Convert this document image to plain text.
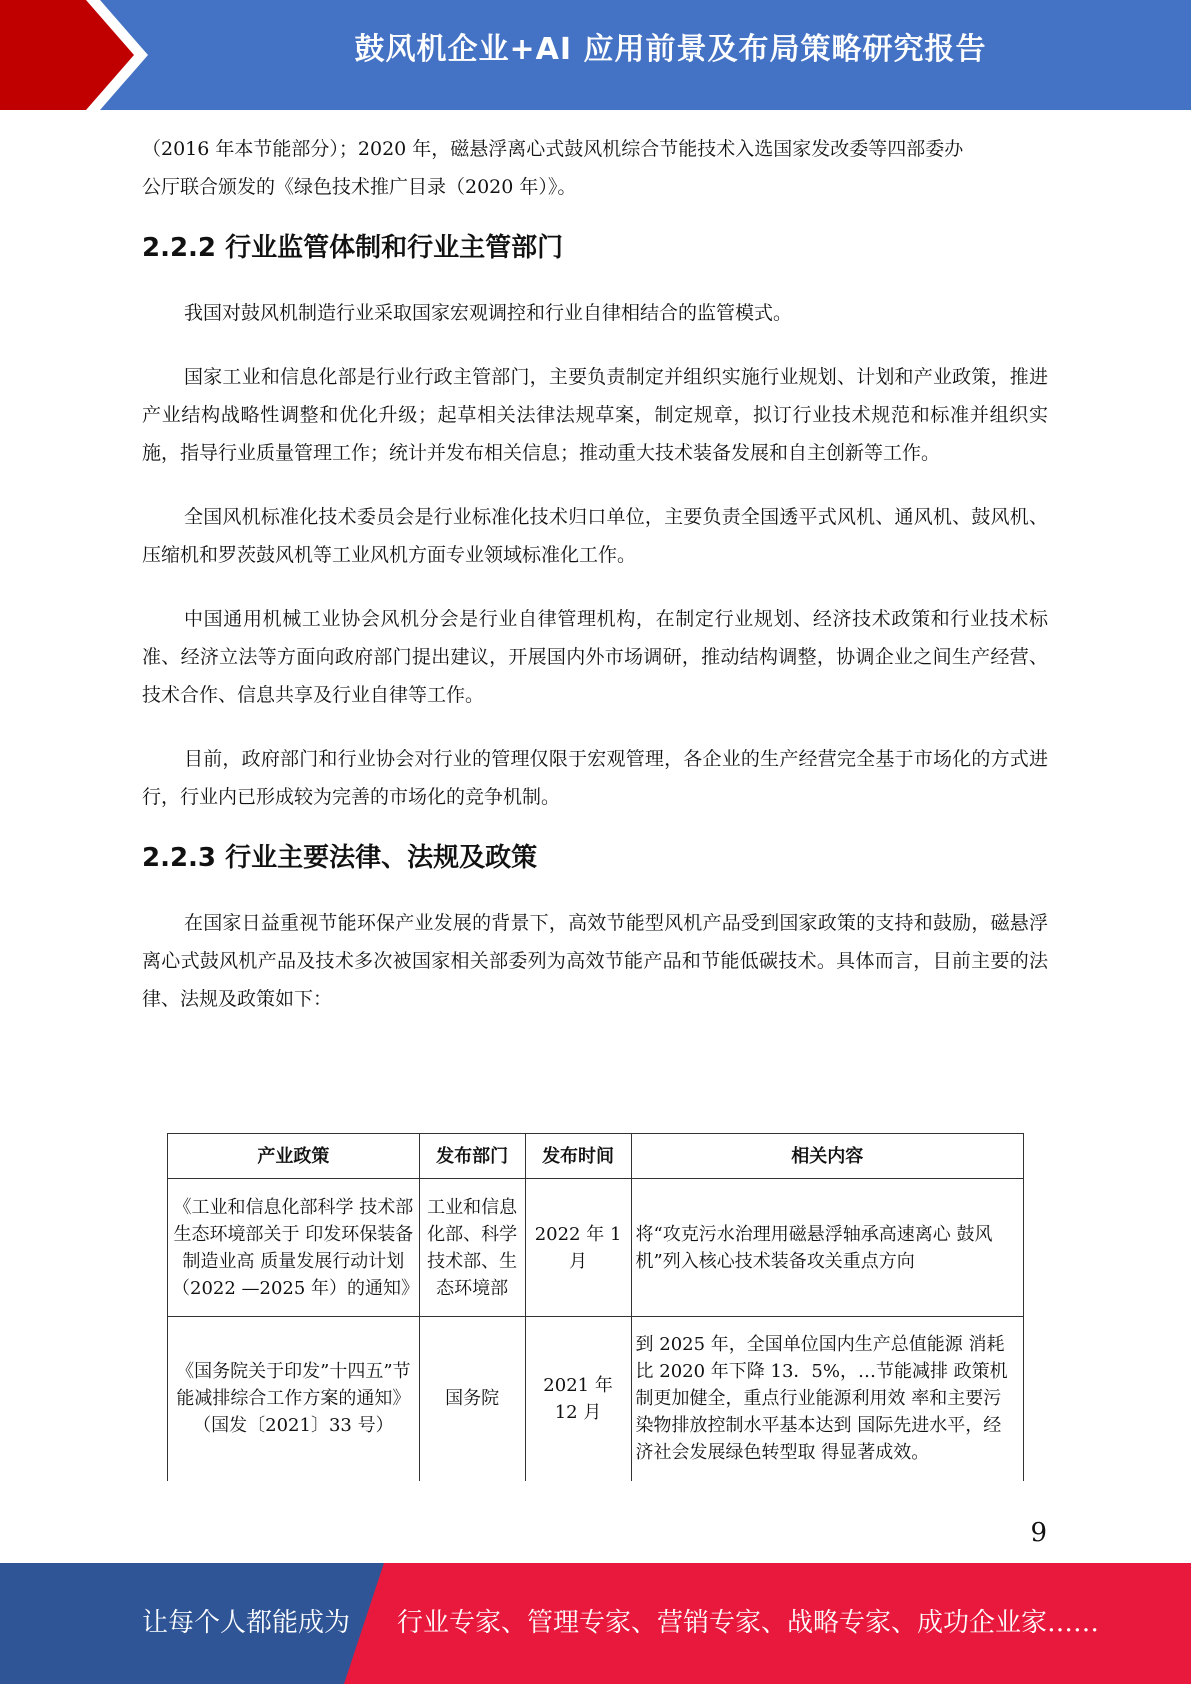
鼓风机企业+AI 应用前景及布局策略研究报告

（2016 年本节能部分）；2020 年，磁悬浮离心式鼓风机综合节能技术入选国家发改委等四部委办

公厅联合颁发的《绿色技术推广目录（2020 年）》。

2.2.2 行业监管体制和行业主管部门

我国对鼓风机制造行业采取国家宏观调控和行业自律相结合的监管模式。

国家工业和信息化部是行业行政主管部门，主要负责制定并组织实施行业规划、计划和产业政策，推进产业结构战略性调整和优化升级；起草相关法律法规草案，制定规章，拟订行业技术规范和标准并组织实施，指导行业质量管理工作；统计并发布相关信息；推动重大技术装备发展和自主创新等工作。

全国风机标准化技术委员会是行业标准化技术归口单位，主要负责全国透平式风机、通风机、鼓风机、压缩机和罗茨鼓风机等工业风机方面专业领域标准化工作。

中国通用机械工业协会风机分会是行业自律管理机构，在制定行业规划、经济技术政策和行业技术标准、经济立法等方面向政府部门提出建议，开展国内外市场调研，推动结构调整，协调企业之间生产经营、技术合作、信息共享及行业自律等工作。

目前，政府部门和行业协会对行业的管理仅限于宏观管理，各企业的生产经营完全基于市场化的方式进行，行业内已形成较为完善的市场化的竞争机制。

2.2.3 行业主要法律、法规及政策

在国家日益重视节能环保产业发展的背景下，高效节能型风机产品受到国家政策的支持和鼓励，磁悬浮离心式鼓风机产品及技术多次被国家相关部委列为高效节能产品和节能低碳技术。具体而言，目前主要的法律、法规及政策如下：

产业政策	发布部门	发布时间	相关内容
《工业和信息化部科学 技术部生态环境部关于 印发环保装备制造业高 质量发展行动计划（2022 —2025 年）的通知》	工业和信息化部、科学技术部、生态环境部	2022 年 1 月	将“攻克污水治理用磁悬浮轴承高速离心 鼓风机”列入核心技术装备攻关重点方向
《国务院关于印发”十四五”节能减排综合工作方案的通知》（国发〔2021〕33 号）	国务院	2021 年 12 月	到 2025 年，全国单位国内生产总值能源 消耗比 2020 年下降 13．5%，…节能减排 政策机制更加健全，重点行业能源利用效 率和主要污染物排放控制水平基本达到 国际先进水平，经济社会发展绿色转型取 得显著成效。
9
让每个人都能成为 行业专家、管理专家、营销专家、战略专家、成功企业家……
